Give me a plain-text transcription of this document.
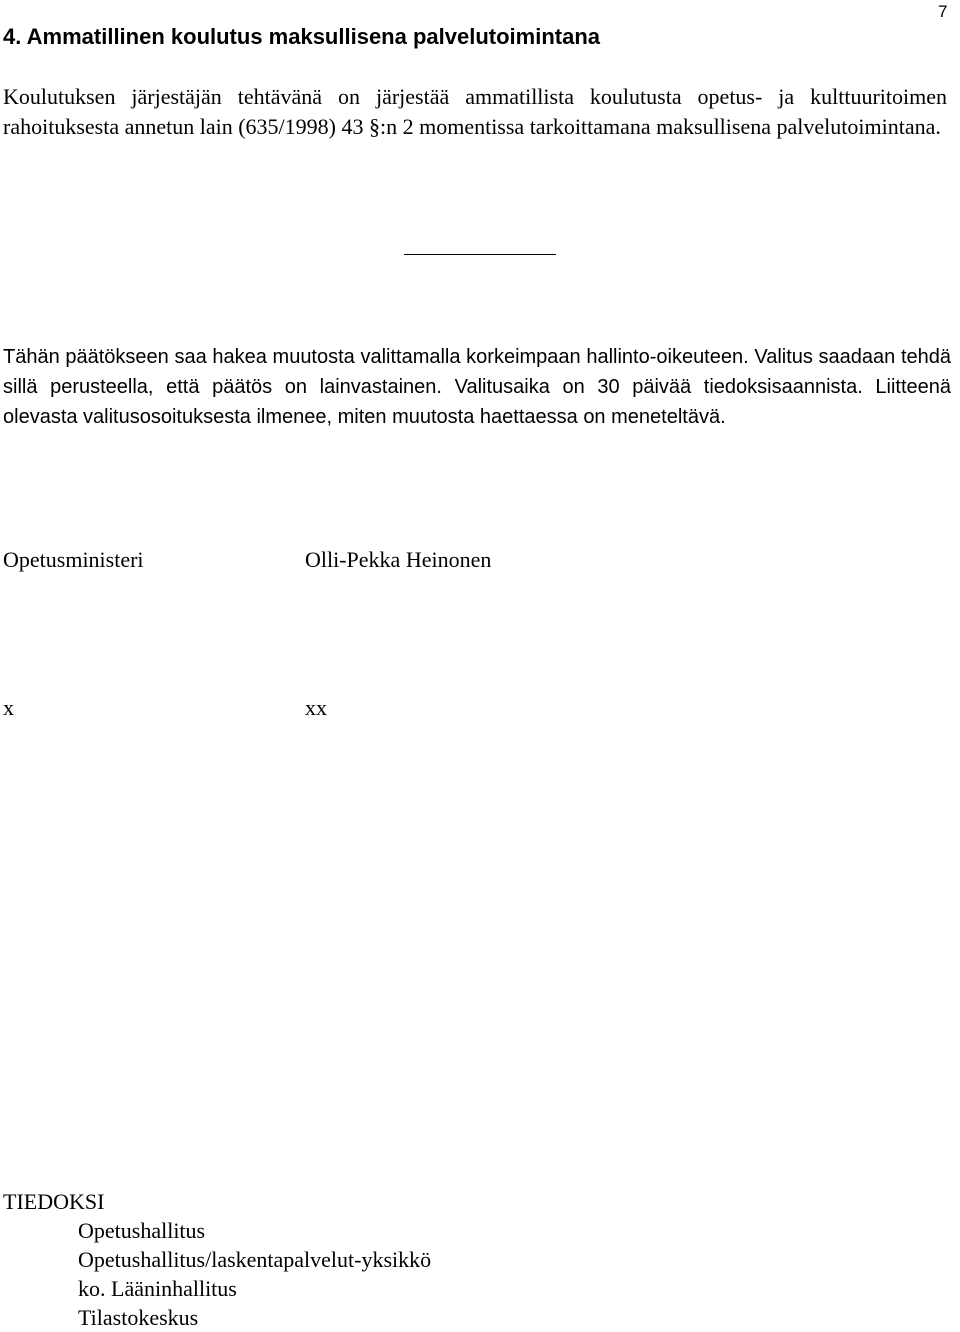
7
4. Ammatillinen koulutus maksullisena palvelutoimintana

Koulutuksen järjestäjän tehtävänä on järjestää ammatillista koulutusta opetus- ja kulttuuritoimen rahoituksesta annetun lain (635/1998) 43 §:n 2 momentissa tarkoittamana maksullisena palvelutoimintana.

Tähän päätökseen saa hakea muutosta valittamalla korkeimpaan hallinto-oikeuteen. Valitus saadaan tehdä sillä perusteella, että päätös on lainvastainen. Valitusaika on 30 päivää tiedoksisaannista. Liitteenä olevasta valitusosoituksesta ilmenee, miten muutosta haettaessa on meneteltävä.

Opetusministeri	Olli-Pekka Heinonen
x	xx
TIEDOKSI
Opetushallitus
Opetushallitus/laskentapalvelut-yksikkö
ko. Lääninhallitus
Tilastokeskus
